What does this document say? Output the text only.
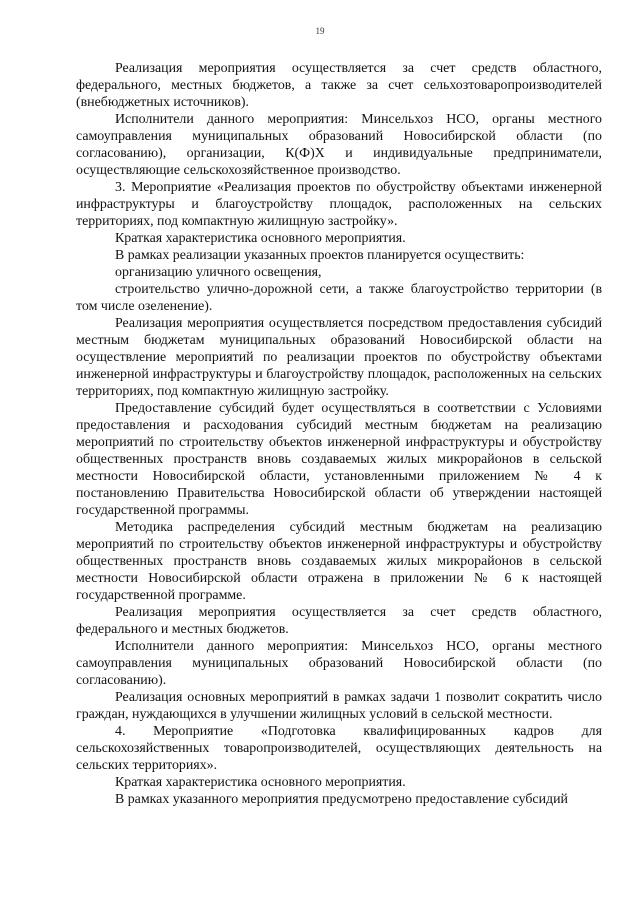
19

Реализация мероприятия осуществляется за счет средств областного, федерального, местных бюджетов, а также за счет сельхозтоваропроизводителей (внебюджетных источников).

Исполнители данного мероприятия: Минсельхоз НСО, органы местного самоуправления муниципальных образований Новосибирской области (по согласованию), организации, К(Ф)Х и индивидуальные предприниматели, осуществляющие сельскохозяйственное производство.

3. Мероприятие «Реализация проектов по обустройству объектами инженерной инфраструктуры и благоустройству площадок, расположенных на сельских территориях, под компактную жилищную застройку».

Краткая характеристика основного мероприятия.

В рамках реализации указанных проектов планируется осуществить:

организацию уличного освещения,

строительство улично-дорожной сети, а также благоустройство территории (в том числе озеленение).

Реализация мероприятия осуществляется посредством предоставления субсидий местным бюджетам муниципальных образований Новосибирской области на осуществление мероприятий по реализации проектов по обустройству объектами инженерной инфраструктуры и благоустройству площадок, расположенных на сельских территориях, под компактную жилищную застройку.

Предоставление субсидий будет осуществляться в соответствии с Условиями предоставления и расходования субсидий местным бюджетам на реализацию мероприятий по строительству объектов инженерной инфраструктуры и обустройству общественных пространств вновь создаваемых жилых микрорайонов в сельской местности Новосибирской области, установленными приложением № 4 к постановлению Правительства Новосибирской области об утверждении настоящей государственной программы.

Методика распределения субсидий местным бюджетам на реализацию мероприятий по строительству объектов инженерной инфраструктуры и обустройству общественных пространств вновь создаваемых жилых микрорайонов в сельской местности Новосибирской области отражена в приложении № 6 к настоящей государственной программе.

Реализация мероприятия осуществляется за счет средств областного, федерального и местных бюджетов.

Исполнители данного мероприятия: Минсельхоз НСО, органы местного самоуправления муниципальных образований Новосибирской области (по согласованию).

Реализация основных мероприятий в рамках задачи 1 позволит сократить число граждан, нуждающихся в улучшении жилищных условий в сельской местности.

4. Мероприятие «Подготовка квалифицированных кадров для сельскохозяйственных товаропроизводителей, осуществляющих деятельность на сельских территориях».

Краткая характеристика основного мероприятия.

В рамках указанного мероприятия предусмотрено предоставление субсидий
